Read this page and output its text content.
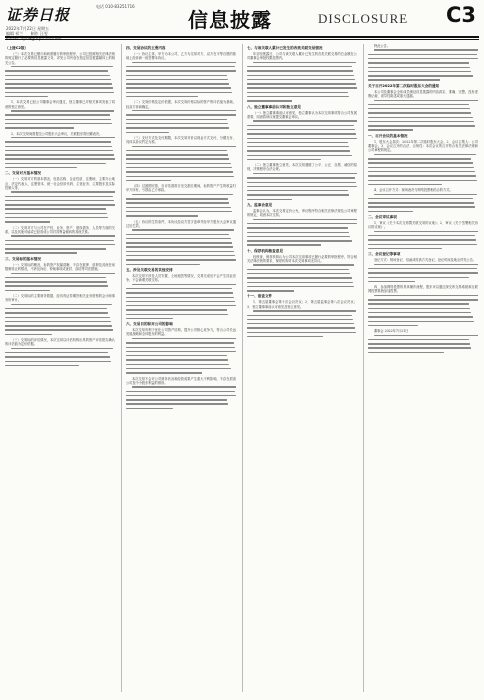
证券日报
2022年7月22日 星期五
编辑 祁兰 制作 汪雯
E-mail:zqrb9@zqrb.sina.net
电话 010-83251716
信息披露	DISCLOSURE C3
（上接C2版）
（三）本次交易已履行和尚需履行的审批程序，公司已按照相关法律法规的规定履行了必要的信息披露义务，详见公司刊登在指定信息披露媒体上的相关公告。
1、本次交易已经公司董事会审议通过，独立董事已对相关事项发表了同意的独立意见。
2、本次交易尚需提交公司股东大会审议，关联股东将回避表决。
二、交易对方基本情况
（一）交易对方的基本情况，包括名称、企业性质、注册地、主要办公地点、法定代表人、注册资本、统一社会信用代码、主营业务、主要股东及实际控制人等。
（二）交易对方与公司在产权、业务、资产、债权债务、人员等方面的关系，以及其他可能或已经造成公司对其利益倾斜的其他关系。
三、交易标的基本情况
（一）交易标的概况，标的资产权属清晰，不存在抵押、质押及其他任何限制转让的情况，不涉及诉讼、仲裁事项或查封、冻结等司法措施。
（二）交易标的主要财务数据，经具有证券期货相关业务资格的会计师事务所审计。
（三）交易标的评估情况，本次交易以评估机构出具的资产评估报告确认的评估值为定价依据。
四、交易协议的主要内容
（一）协议主体，甲方为本公司，乙方为交易对方，双方在平等自愿的基础上经协商一致签署本协议。
（二）交易价格及定价依据，本次交易价格以标的资产的评估值为基础，经双方协商确定。
（三）支付方式及支付期限，本次交易对价以现金方式支付，分期支付，具体以协议约定为准。
（四）过渡期安排，自评估基准日至交割日期间，标的资产产生的收益归甲方所有，亏损由乙方承担。
（五）协议的生效条件，本协议经双方签字盖章并经甲方股东大会审议通过后生效。
五、涉及关联交易的其他安排
本次交易不涉及人员安置、土地租赁等情况，交易完成后不会产生同业竞争，不会新增关联交易。
六、交易目的和对公司的影响
本次交易有利于优化公司资产结构，提升公司核心竞争力，符合公司长远发展战略和全体股东的利益。
本次交易不会对公司财务状况和经营成果产生重大不利影响，不存在损害公司及中小股东利益的情形。
七、与该关联人累计已发生的各类关联交易情况
年初至披露日，公司与该关联人累计已发生的各类关联交易的总金额在公司董事会审批权限范围内。
八、独立董事事前认可和独立意见
（一）独立董事事前认可意见，独立董事认为本次交易事项符合公司发展需要，同意将该议案提交董事会审议。
（二）独立董事独立意见，本次交易遵循了公平、公正、自愿、诚信的原则，决策程序合法合规。
九、监事会意见
监事会认为，本次交易定价公允，审议程序符合相关法律法规及公司章程的规定，同意本次交易。
十、保荐机构核查意见
经核查，保荐机构认为公司本次交易事项已履行必要的审批程序，符合相关法律法规的要求，保荐机构对本次交易事项无异议。
十一、备查文件
1、第五届董事会第十次会议决议；2、第五届监事会第八次会议决议；3、独立董事事前认可意见及独立意见。
特此公告。
关于召开2022年第二次临时股东大会的通知
本公司及董事会全体成员保证信息披露的内容真实、准确、完整，没有虚假记载、误导性陈述或重大遗漏。
一、召开会议的基本情况
1、股东大会届次：2022年第二次临时股东大会。2、会议召集人：公司董事会。3、会议召开的合法、合规性：本次会议的召开符合有关法律法规和公司章程的规定。
4、会议召开方式：现场表决与网络投票相结合的方式。
二、会议审议事项
1、审议《关于本次交易暨关联交易的议案》；2、审议《关于签署相关协议的议案》。
三、会议登记等事项
登记方式：现场登记、信函或传真方式登记，登记时间及地点详见公告。
四、参加网络投票的具体操作流程，股东可以通过深交所交易系统和互联网投票系统参加投票。
董事会 2022年7月21日
